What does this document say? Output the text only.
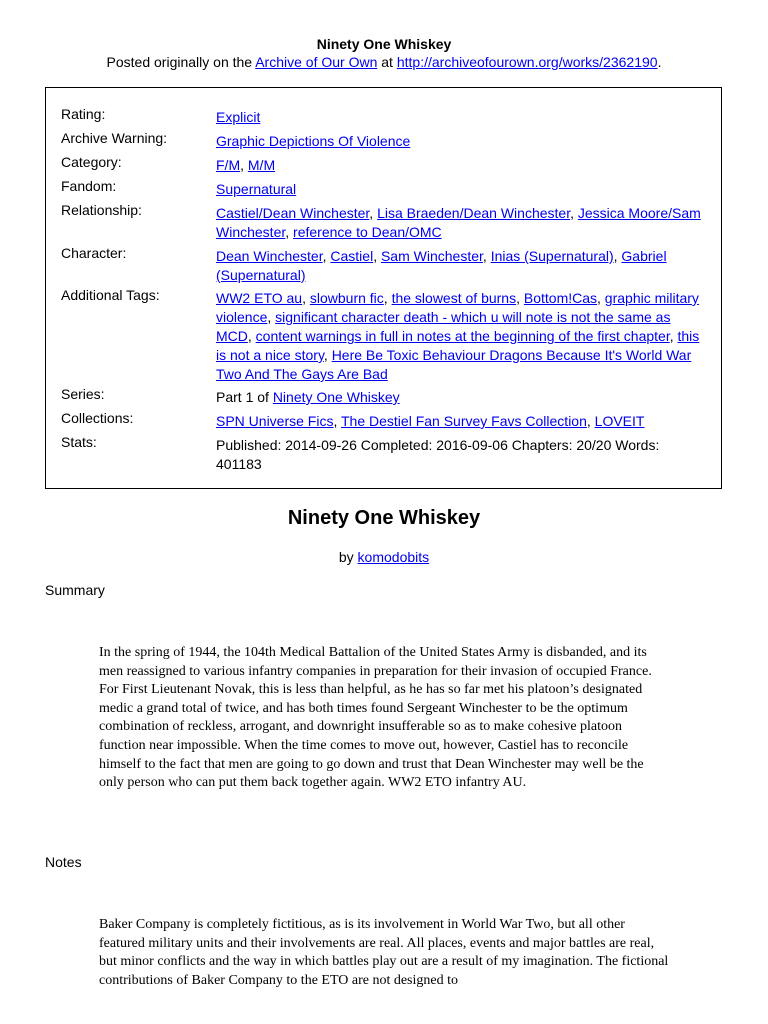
Ninety One Whiskey
Posted originally on the Archive of Our Own at http://archiveofourown.org/works/2362190.
Rating:	Explicit
Archive Warning:	Graphic Depictions Of Violence
Category:	F/M, M/M
Fandom:	Supernatural
Relationship:	Castiel/Dean Winchester, Lisa Braeden/Dean Winchester, Jessica Moore/Sam Winchester, reference to Dean/OMC
Character:	Dean Winchester, Castiel, Sam Winchester, Inias (Supernatural), Gabriel (Supernatural)
Additional Tags:	WW2 ETO au, slowburn fic, the slowest of burns, Bottom!Cas, graphic military violence, significant character death - which u will note is not the same as MCD, content warnings in full in notes at the beginning of the first chapter, this is not a nice story, Here Be Toxic Behaviour Dragons Because It's World War Two And The Gays Are Bad
Series:	Part 1 of Ninety One Whiskey
Collections:	SPN Universe Fics, The Destiel Fan Survey Favs Collection, LOVEIT
Stats:	Published: 2014-09-26 Completed: 2016-09-06 Chapters: 20/20 Words: 401183
Ninety One Whiskey
by komodobits
Summary
In the spring of 1944, the 104th Medical Battalion of the United States Army is disbanded, and its men reassigned to various infantry companies in preparation for their invasion of occupied France. For First Lieutenant Novak, this is less than helpful, as he has so far met his platoon’s designated medic a grand total of twice, and has both times found Sergeant Winchester to be the optimum combination of reckless, arrogant, and downright insufferable so as to make cohesive platoon function near impossible. When the time comes to move out, however, Castiel has to reconcile himself to the fact that men are going to go down and trust that Dean Winchester may well be the only person who can put them back together again. WW2 ETO infantry AU.
Notes
Baker Company is completely fictitious, as is its involvement in World War Two, but all other featured military units and their involvements are real. All places, events and major battles are real, but minor conflicts and the way in which battles play out are a result of my imagination. The fictional contributions of Baker Company to the ETO are not designed to
